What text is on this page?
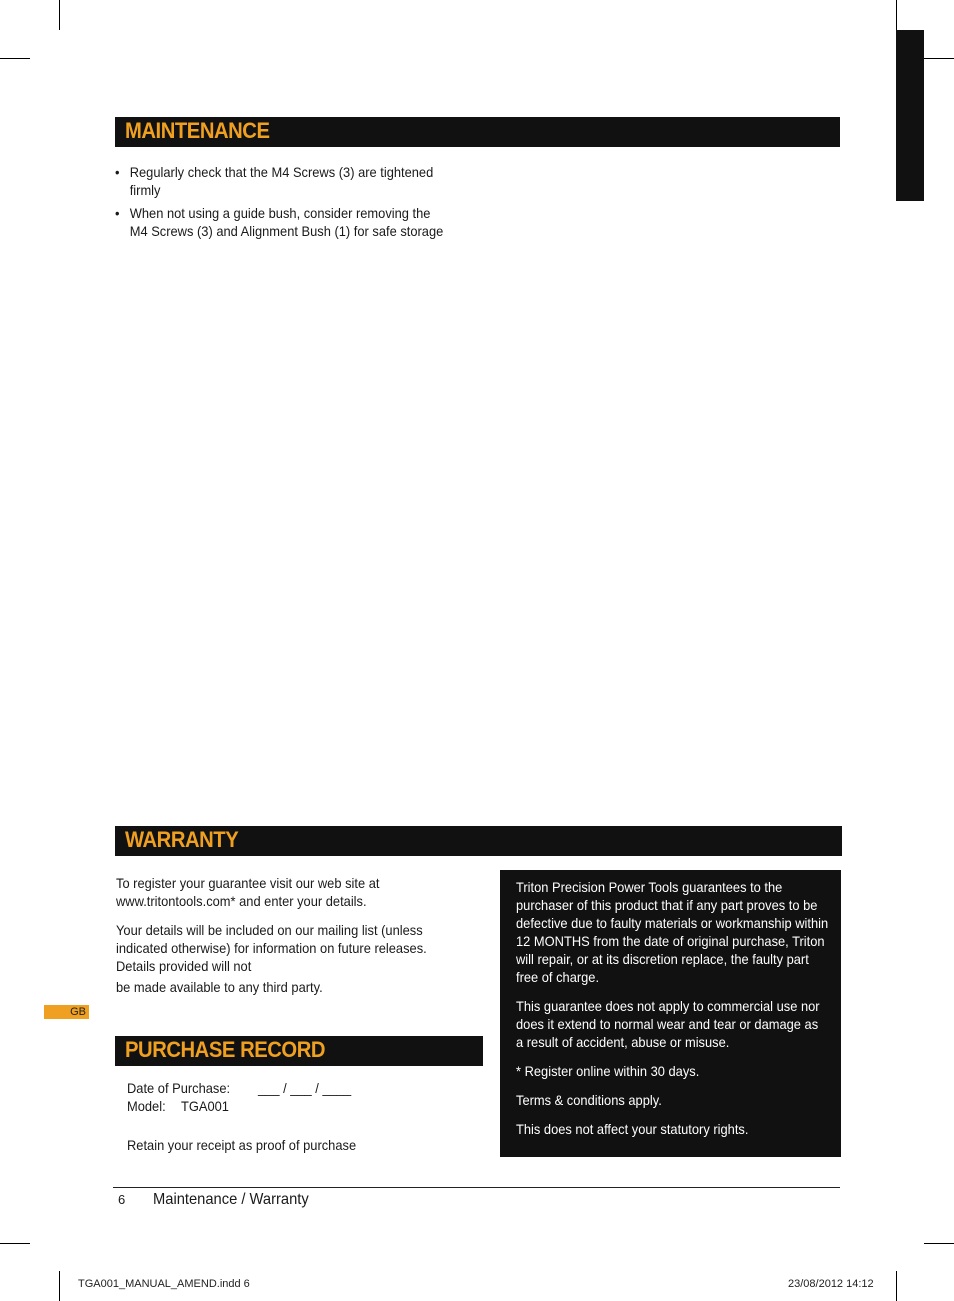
MAINTENANCE
• Regularly check that the M4 Screws (3) are tightened firmly
• When not using a guide bush, consider removing the M4 Screws (3) and Alignment Bush (1) for safe storage
WARRANTY
To register your guarantee visit our web site at www.tritontools.com* and enter your details.
Your details will be included on our mailing list (unless indicated otherwise) for information on future releases. Details provided will not
be made available to any third party.
Triton Precision Power Tools guarantees to the purchaser of this product that if any part proves to be defective due to faulty materials or workmanship within 12 MONTHS from the date of original purchase, Triton will repair, or at its discretion replace, the faulty part free of charge.
This guarantee does not apply to commercial use nor does it extend to normal wear and tear or damage as a result of accident, abuse or misuse.
* Register online within 30 days.
Terms & conditions apply.
This does not affect your statutory rights.
GB
PURCHASE RECORD
Date of Purchase: ___ / ___ / ____
Model: TGA001
Retain your receipt as proof of purchase
6 Maintenance / Warranty
TGA001_MANUAL_AMEND.indd 6	23/08/2012 14:12
